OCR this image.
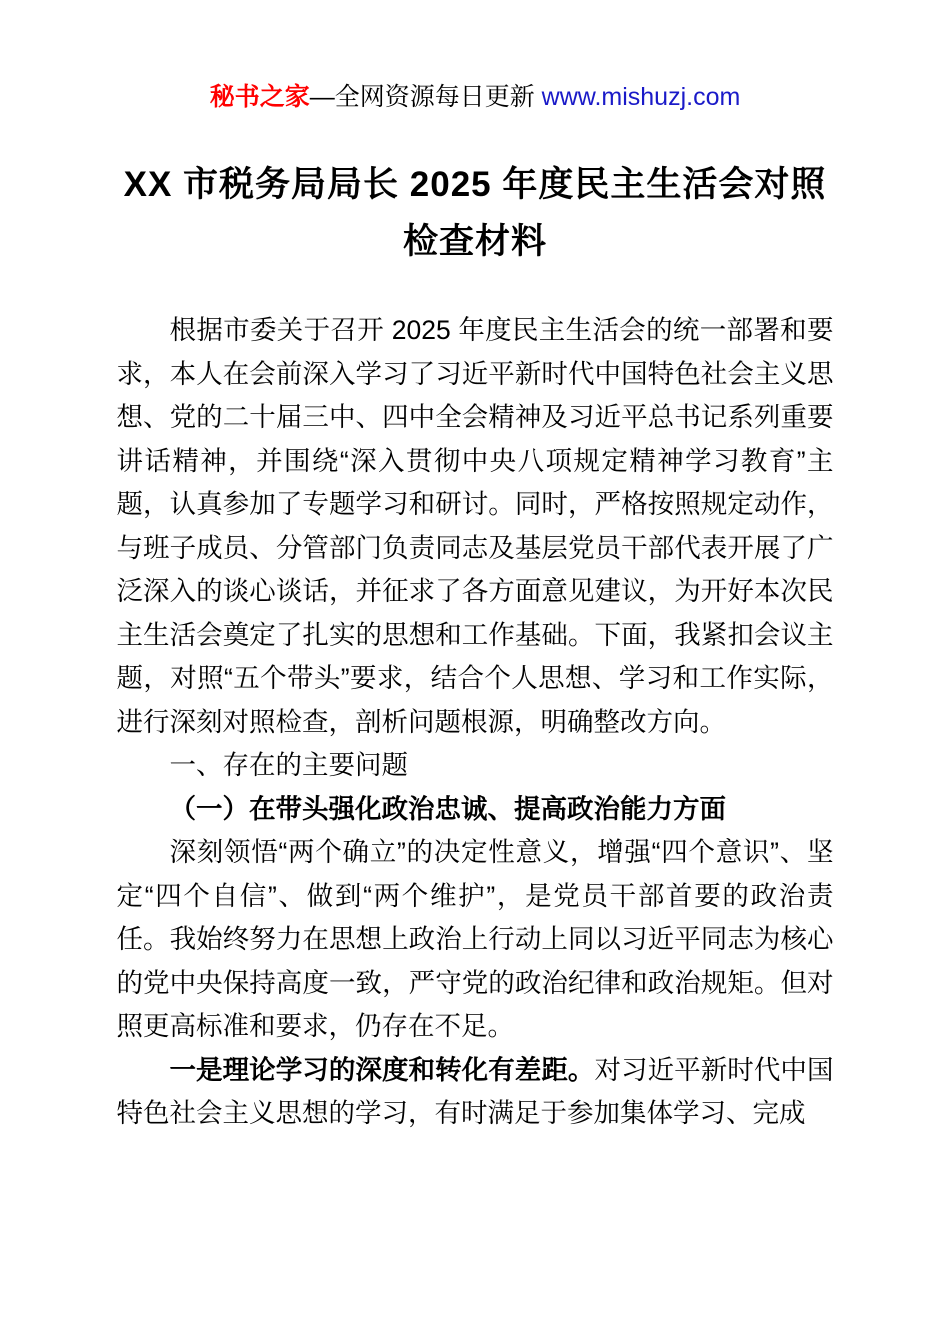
秘书之家—全网资源每日更新 www.mishuzj.com
XX 市税务局局长 2025 年度民主生活会对照
检查材料

根据市委关于召开 2025 年度民主生活会的统一部署和要求，本人在会前深入学习了习近平新时代中国特色社会主义思想、党的二十届三中、四中全会精神及习近平总书记系列重要讲话精神，并围绕“深入贯彻中央八项规定精神学习教育”主题，认真参加了专题学习和研讨。同时，严格按照规定动作，与班子成员、分管部门负责同志及基层党员干部代表开展了广泛深入的谈心谈话，并征求了各方面意见建议，为开好本次民主生活会奠定了扎实的思想和工作基础。下面，我紧扣会议主题，对照“五个带头”要求，结合个人思想、学习和工作实际，进行深刻对照检查，剖析问题根源，明确整改方向。

一、存在的主要问题

（一）在带头强化政治忠诚、提高政治能力方面

深刻领悟“两个确立”的决定性意义，增强“四个意识”、坚定“四个自信”、做到“两个维护”，是党员干部首要的政治责任。我始终努力在思想上政治上行动上同以习近平同志为核心的党中央保持高度一致，严守党的政治纪律和政治规矩。但对照更高标准和要求，仍存在不足。

一是理论学习的深度和转化有差距。对习近平新时代中国特色社会主义思想的学习，有时满足于参加集体学习、完成
